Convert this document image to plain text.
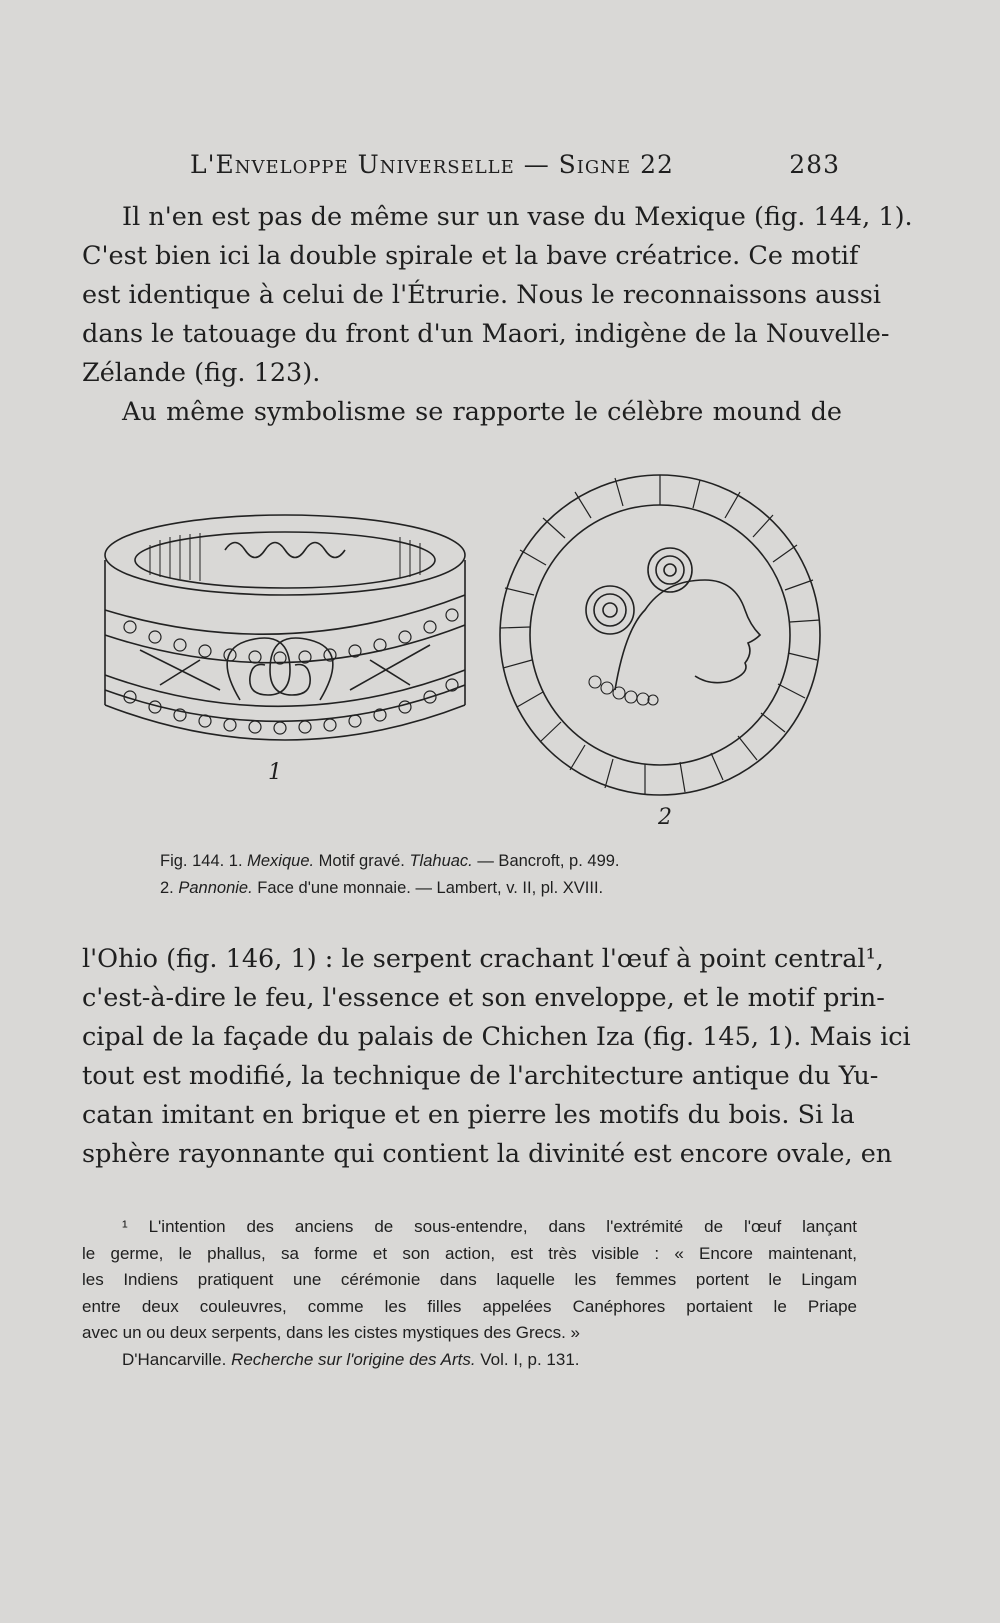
L'Enveloppe Universelle — Signe 22	283
Il n'en est pas de même sur un vase du Mexique (fig. 144, 1).
C'est bien ici la double spirale et la bave créatrice. Ce motif
est identique à celui de l'Étrurie. Nous le reconnaissons aussi
dans le tatouage du front d'un Maori, indigène de la Nouvelle-
Zélande (fig. 123).
Au même symbolisme se rapporte le célèbre mound de
1
2
Fig. 144. 1. Mexique. Motif gravé. Tlahuac. — Bancroft, p. 499.
2. Pannonie. Face d'une monnaie. — Lambert, v. II, pl. XVIII.
l'Ohio (fig. 146, 1) : le serpent crachant l'œuf à point central¹,
c'est-à-dire le feu, l'essence et son enveloppe, et le motif prin-
cipal de la façade du palais de Chichen Iza (fig. 145, 1). Mais ici
tout est modifié, la technique de l'architecture antique du Yu-
catan imitant en brique et en pierre les motifs du bois. Si la
sphère rayonnante qui contient la divinité est encore ovale, en
¹ L'intention des anciens de sous-entendre, dans l'extrémité de l'œuf lançant
le germe, le phallus, sa forme et son action, est très visible : « Encore maintenant,
les Indiens pratiquent une cérémonie dans laquelle les femmes portent le Lingam
entre deux couleuvres, comme les filles appelées Canéphores portaient le Priape
avec un ou deux serpents, dans les cistes mystiques des Grecs. »
D'Hancarville. Recherche sur l'origine des Arts. Vol. I, p. 131.
